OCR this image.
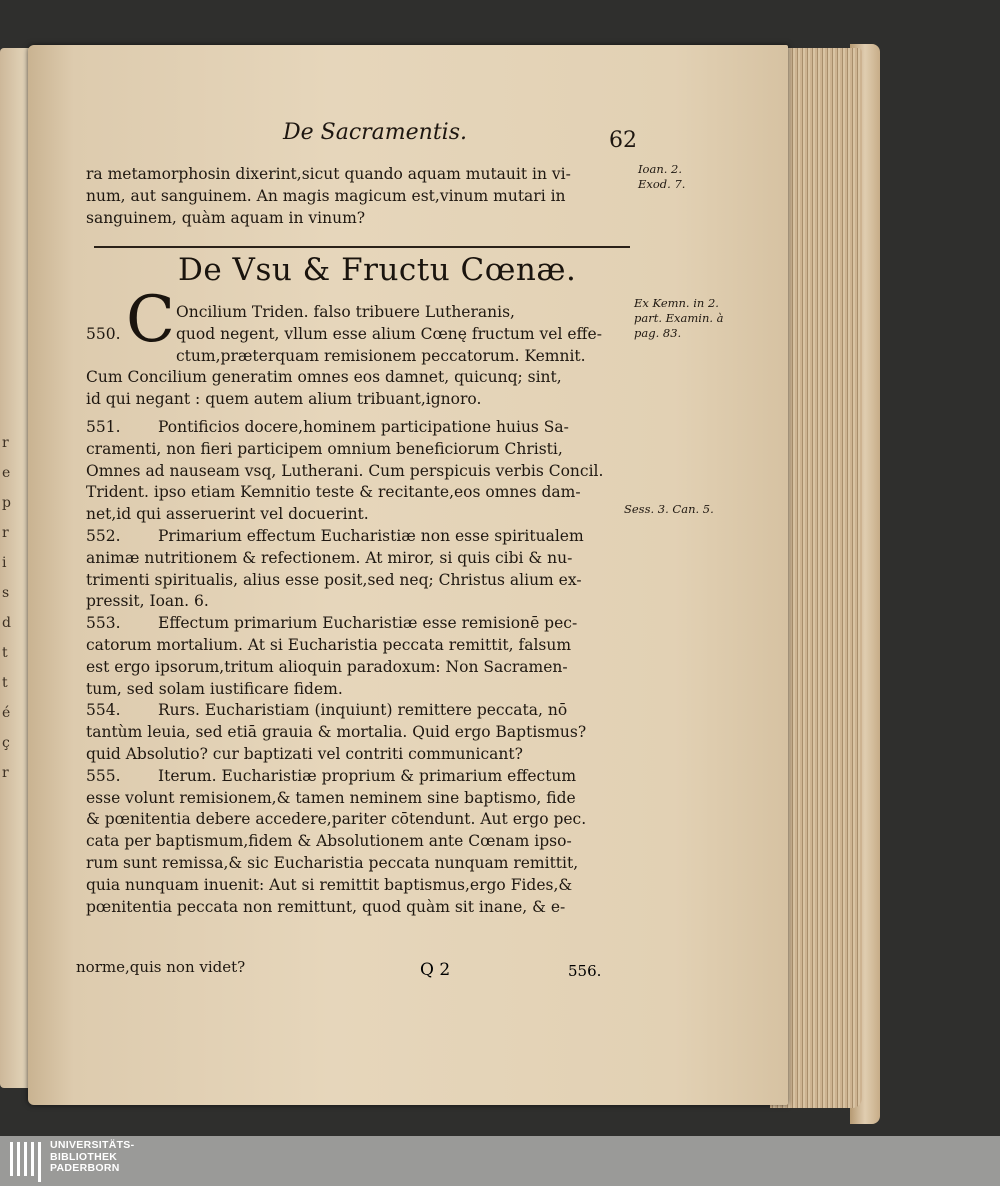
r
e
p
r
i
s
d
t
t
é
ç
r
De Sacramentis.	62
ra metamorphosin dixerint,sicut quando aquam mutauit in vi-
num, aut sanguinem. An magis magicum est,vinum mutari in
sanguinem, quàm aquam in vinum?
De Vsu & Fructu Cœnæ.
C Oncilium Triden. falso tribuere Lutheranis,
550.	quod negent, vllum esse alium Cœnę fructum vel effe-
ctum,præterquam remisionem peccatorum. Kemnit.
Cum Concilium generatim omnes eos damnet, quicunq; sint,
id qui negant : quem autem alium tribuant,ignoro.
551.	Pontificios docere,hominem participatione huius Sa-
cramenti, non fieri participem omnium beneficiorum Christi,
Omnes ad nauseam vsq, Lutherani. Cum perspicuis verbis Concil.
Trident. ipso etiam Kemnitio teste & recitante,eos omnes dam-
net,id qui asseruerint vel docuerint.
552.	Primarium effectum Eucharistiæ non esse spiritualem
animæ nutritionem & refectionem. At miror, si quis cibi & nu-
trimenti spiritualis, alius esse posit,sed neq; Christus alium ex-
pressit, Ioan. 6.
553.	Effectum primarium Eucharistiæ esse remisionē pec-
catorum mortalium. At si Eucharistia peccata remittit, falsum
est ergo ipsorum,tritum alioquin paradoxum: Non Sacramen-
tum, sed solam iustificare fidem.
554.	Rurs. Eucharistiam (inquiunt) remittere peccata, nō
tantùm leuia, sed etiā grauia & mortalia. Quid ergo Baptismus?
quid Absolutio? cur baptizati vel contriti communicant?
555.	Iterum. Eucharistiæ proprium & primarium effectum
esse volunt remisionem,& tamen neminem sine baptismo, fide
& pœnitentia debere accedere,pariter cōtendunt. Aut ergo pec.
cata per baptismum,fidem & Absolutionem ante Cœnam ipso-
rum sunt remissa,& sic Eucharistia peccata nunquam remittit,
quia nunquam inuenit: Aut si remittit baptismus,ergo Fides,&
pœnitentia peccata non remittunt, quod quàm sit inane, & e-
norme,quis non videt?	Q 2	556.
Ioan. 2.
Exod. 7.
Ex Kemn. in 2.
part. Examin. à
pag. 83.
Sess. 3. Can. 5.
UNIVERSITÄTS-
BIBLIOTHEK
PADERBORN
